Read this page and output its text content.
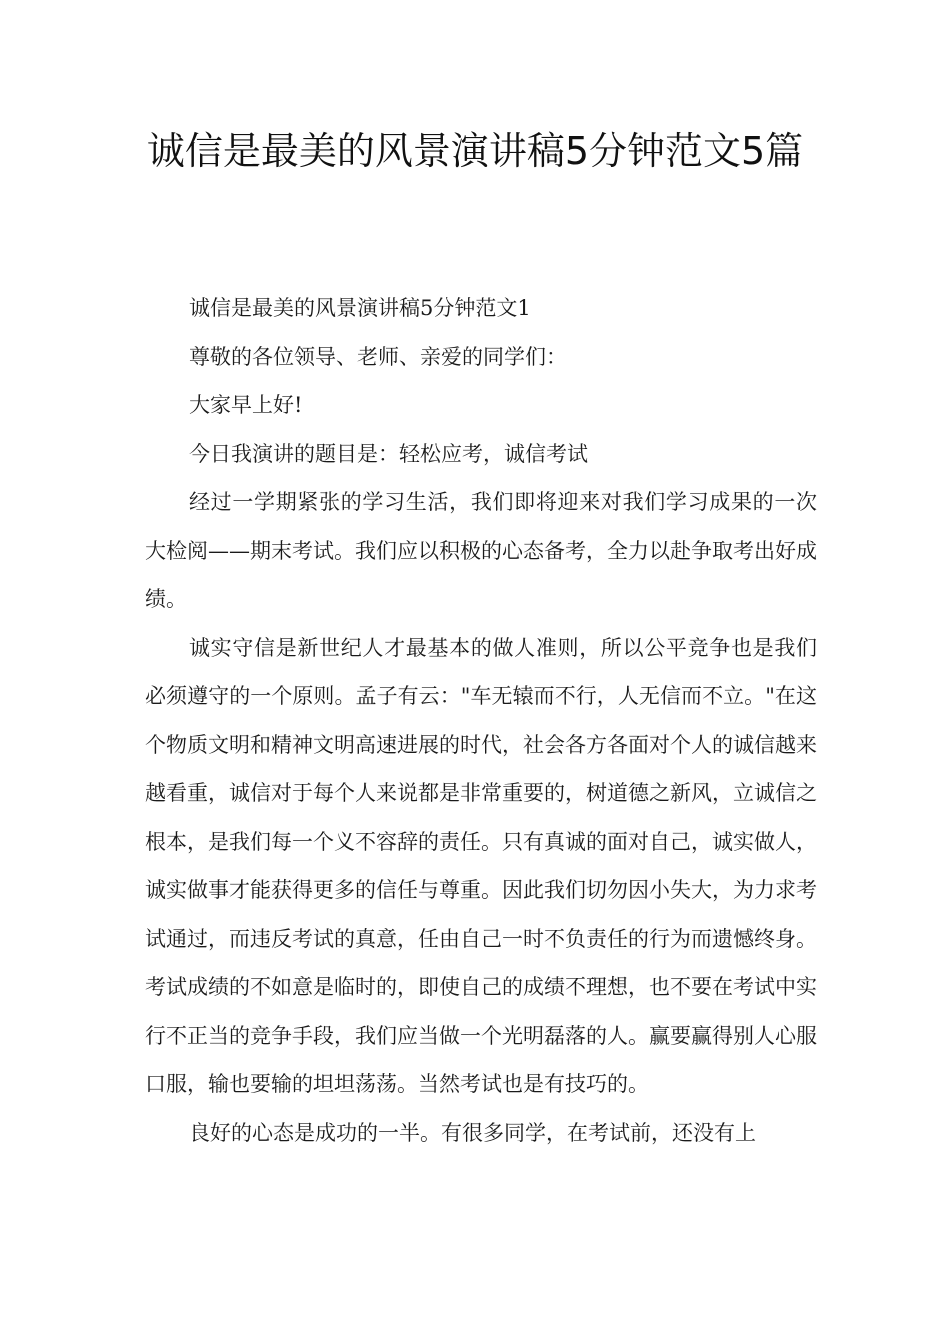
诚信是最美的风景演讲稿5分钟范文5篇

诚信是最美的风景演讲稿5分钟范文1

尊敬的各位领导、老师、亲爱的同学们：

大家早上好!

今日我演讲的题目是：轻松应考，诚信考试

经过一学期紧张的学习生活，我们即将迎来对我们学习成果的一次大检阅——期末考试。我们应以积极的心态备考，全力以赴争取考出好成绩。

诚实守信是新世纪人才最基本的做人准则，所以公平竞争也是我们必须遵守的一个原则。孟子有云："车无辕而不行，人无信而不立。"在这个物质文明和精神文明高速进展的时代，社会各方各面对个人的诚信越来越看重，诚信对于每个人来说都是非常重要的，树道德之新风，立诚信之根本，是我们每一个义不容辞的责任。只有真诚的面对自己，诚实做人，诚实做事才能获得更多的信任与尊重。因此我们切勿因小失大，为力求考试通过，而违反考试的真意，任由自己一时不负责任的行为而遗憾终身。考试成绩的不如意是临时的，即使自己的成绩不理想，也不要在考试中实行不正当的竞争手段，我们应当做一个光明磊落的人。赢要赢得别人心服口服，输也要输的坦坦荡荡。当然考试也是有技巧的。

良好的心态是成功的一半。有很多同学，在考试前，还没有上
